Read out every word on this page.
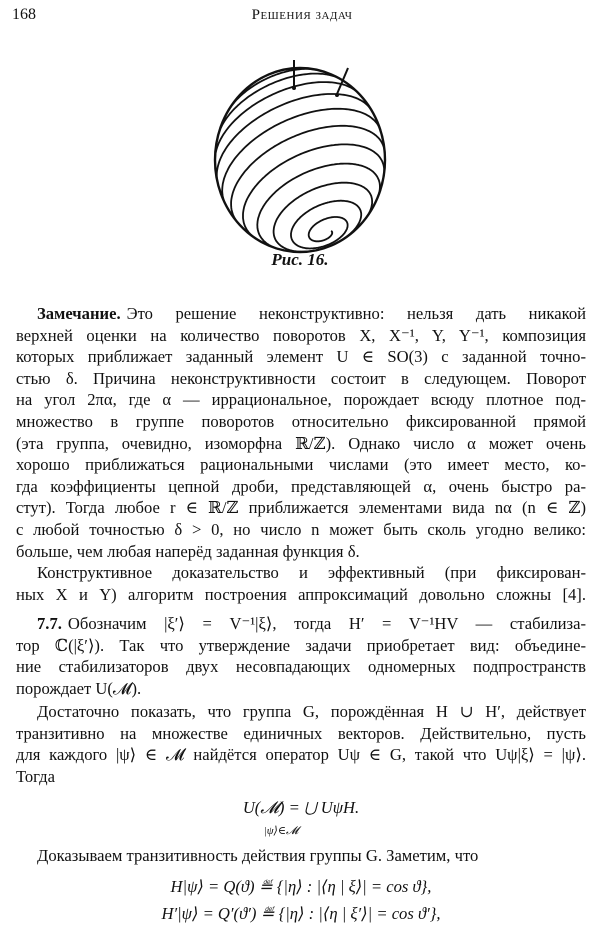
168	Решения задач
Рис. 16.
Замечание. Это решение неконструктивно: нельзя дать никакой
верхней оценки на количество поворотов X, X⁻¹, Y, Y⁻¹, композиция
которых приближает заданный элемент U ∈ SO(3) с заданной точно-
стью δ. Причина неконструктивности состоит в следующем. Поворот
на угол 2πα, где α — иррациональное, порождает всюду плотное под-
множество в группе поворотов относительно фиксированной прямой
(эта группа, очевидно, изоморфна ℝ/ℤ). Однако число α может очень
хорошо приближаться рациональными числами (это имеет место, ко-
гда коэффициенты цепной дроби, представляющей α, очень быстро ра-
стут). Тогда любое r ∈ ℝ/ℤ приближается элементами вида nα (n ∈ ℤ)
с любой точностью δ > 0, но число n может быть сколь угодно велико:
больше, чем любая наперёд заданная функция δ.
Конструктивное доказательство и эффективный (при фиксирован-
ных X и Y) алгоритм построения аппроксимаций довольно сложны [4].
7.7. Обозначим |ξ′⟩ = V⁻¹|ξ⟩, тогда H′ = V⁻¹HV — стабилиза-
тор ℂ(|ξ′⟩). Так что утверждение задачи приобретает вид: объедине-
ние стабилизаторов двух несовпадающих одномерных подпространств
порождает U(𝓜).
Достаточно показать, что группа G, порождённая H ∪ H′, действует
транзитивно на множестве единичных векторов. Действительно, пусть
для каждого |ψ⟩ ∈ 𝓜 найдётся оператор Uψ ∈ G, такой что Uψ|ξ⟩ = |ψ⟩.
Тогда
U(𝓜) = ⋃ UψH.
|ψ⟩∈𝓜
Доказываем транзитивность действия группы G. Заметим, что
H|ψ⟩ = Q(ϑ) ≝ {|η⟩ : |⟨η | ξ⟩| = cos ϑ},
H′|ψ⟩ = Q′(ϑ′) ≝ {|η⟩ : |⟨η | ξ′⟩| = cos ϑ′},
